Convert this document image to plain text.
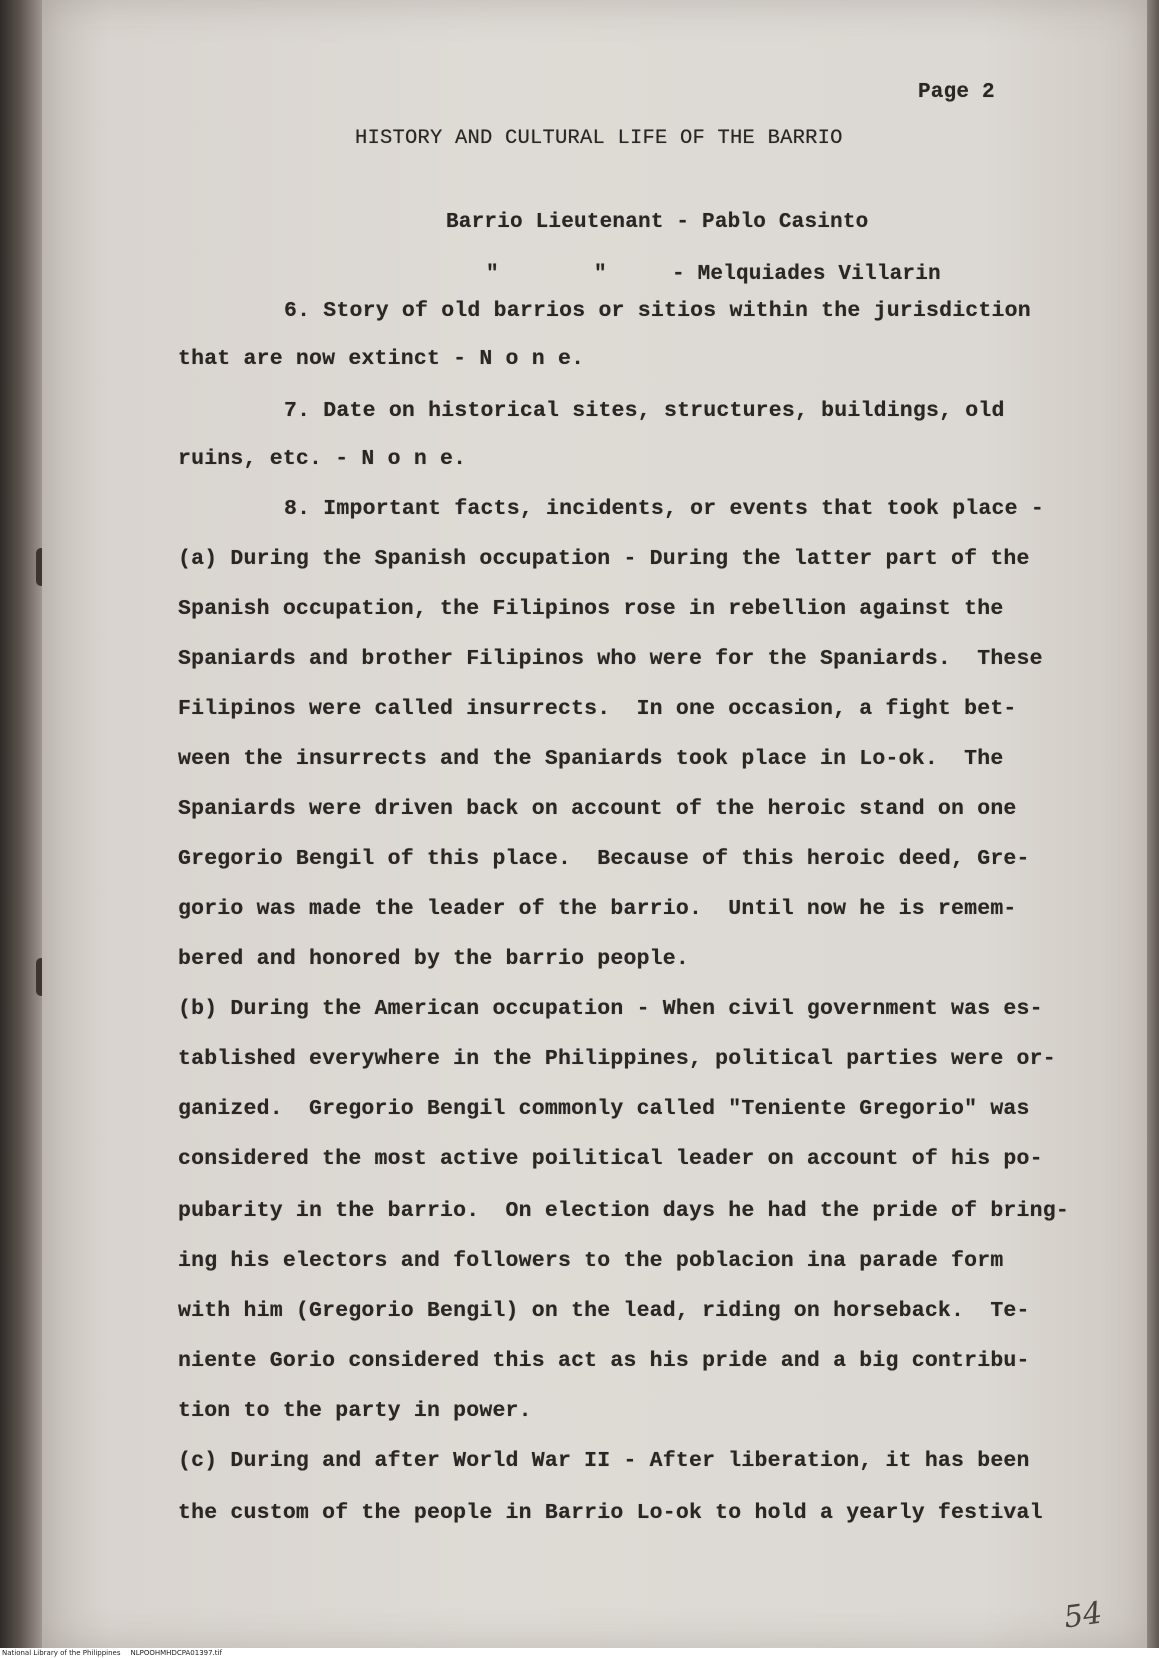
Page 2
HISTORY AND CULTURAL LIFE OF THE BARRIO
Barrio Lieutenant - Pablo Casinto
"	"	- Melquiades Villarin
6. Story of old barrios or sitios within the jurisdiction
that are now extinct - N o n e.
7. Date on historical sites, structures, buildings, old
ruins, etc. - N o n e.
8. Important facts, incidents, or events that took place -
(a) During the Spanish occupation - During the latter part of the
Spanish occupation, the Filipinos rose in rebellion against the
Spaniards and brother Filipinos who were for the Spaniards.  These
Filipinos were called insurrects.  In one occasion, a fight bet-
ween the insurrects and the Spaniards took place in Lo-ok.  The
Spaniards were driven back on account of the heroic stand on one
Gregorio Bengil of this place.  Because of this heroic deed, Gre-
gorio was made the leader of the barrio.  Until now he is remem-
bered and honored by the barrio people.
(b) During the American occupation - When civil government was es-
tablished everywhere in the Philippines, political parties were or-
ganized.  Gregorio Bengil commonly called "Teniente Gregorio" was
considered the most active poilitical leader on account of his po-
pubarity in the barrio.  On election days he had the pride of bring-
ing his electors and followers to the poblacion ina parade form
with him (Gregorio Bengil) on the lead, riding on horseback.  Te-
niente Gorio considered this act as his pride and a big contribu-
tion to the party in power.
(c) During and after World War II - After liberation, it has been
the custom of the people in Barrio Lo-ok to hold a yearly festival
54
National Library of the Philippines NLPOOHMHDCPA01397.tif
